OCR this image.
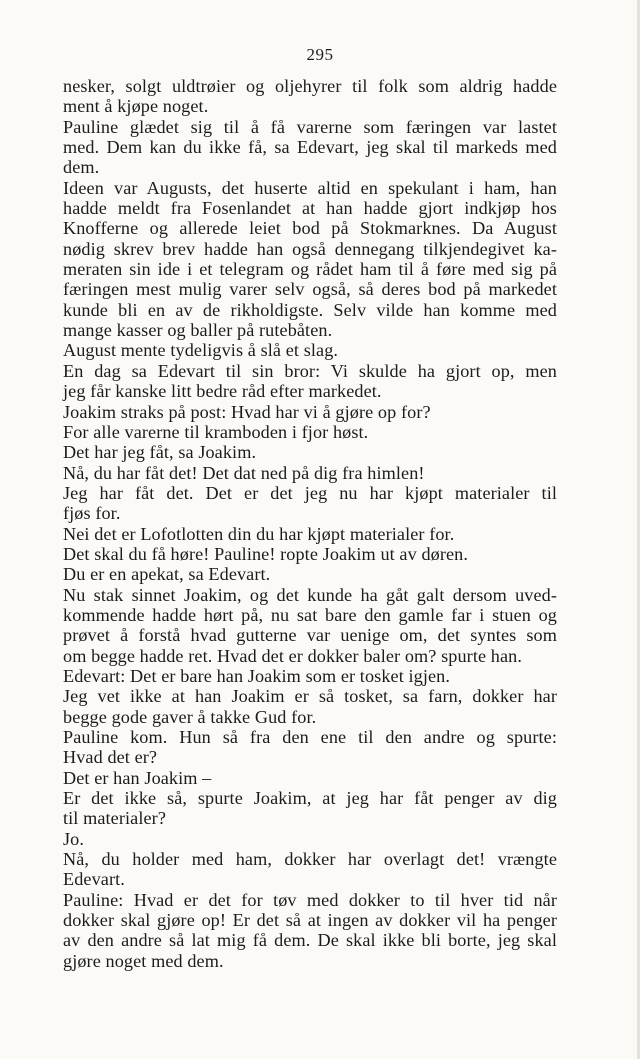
295
nesker, solgt uldtrøier og oljehyrer til folk som aldrig hadde
ment å kjøpe noget.
Pauline glædet sig til å få varerne som færingen var lastet
med. Dem kan du ikke få, sa Edevart, jeg skal til markeds med
dem.
Ideen var Augusts, det huserte altid en spekulant i ham, han
hadde meldt fra Fosenlandet at han hadde gjort indkjøp hos
Knofferne og allerede leiet bod på Stokmarknes. Da August
nødig skrev brev hadde han også dennegang tilkjendegivet ka-
meraten sin ide i et telegram og rådet ham til å føre med sig på
færingen mest mulig varer selv også, så deres bod på markedet
kunde bli en av de rikholdigste. Selv vilde han komme med
mange kasser og baller på rutebåten.
August mente tydeligvis å slå et slag.
En dag sa Edevart til sin bror: Vi skulde ha gjort op, men
jeg får kanske litt bedre råd efter markedet.
Joakim straks på post: Hvad har vi å gjøre op for?
For alle varerne til kramboden i fjor høst.
Det har jeg fåt, sa Joakim.
Nå, du har fåt det! Det dat ned på dig fra himlen!
Jeg har fåt det. Det er det jeg nu har kjøpt materialer til
fjøs for.
Nei det er Lofotlotten din du har kjøpt materialer for.
Det skal du få høre! Pauline! ropte Joakim ut av døren.
Du er en apekat, sa Edevart.
Nu stak sinnet Joakim, og det kunde ha gåt galt dersom uved-
kommende hadde hørt på, nu sat bare den gamle far i stuen og
prøvet å forstå hvad gutterne var uenige om, det syntes som
om begge hadde ret. Hvad det er dokker baler om? spurte han.
Edevart: Det er bare han Joakim som er tosket igjen.
Jeg vet ikke at han Joakim er så tosket, sa farn, dokker har
begge gode gaver å takke Gud for.
Pauline kom. Hun så fra den ene til den andre og spurte:
Hvad det er?
Det er han Joakim –
Er det ikke så, spurte Joakim, at jeg har fåt penger av dig
til materialer?
Jo.
Nå, du holder med ham, dokker har overlagt det! vrængte
Edevart.
Pauline: Hvad er det for tøv med dokker to til hver tid når
dokker skal gjøre op! Er det så at ingen av dokker vil ha penger
av den andre så lat mig få dem. De skal ikke bli borte, jeg skal
gjøre noget med dem.
